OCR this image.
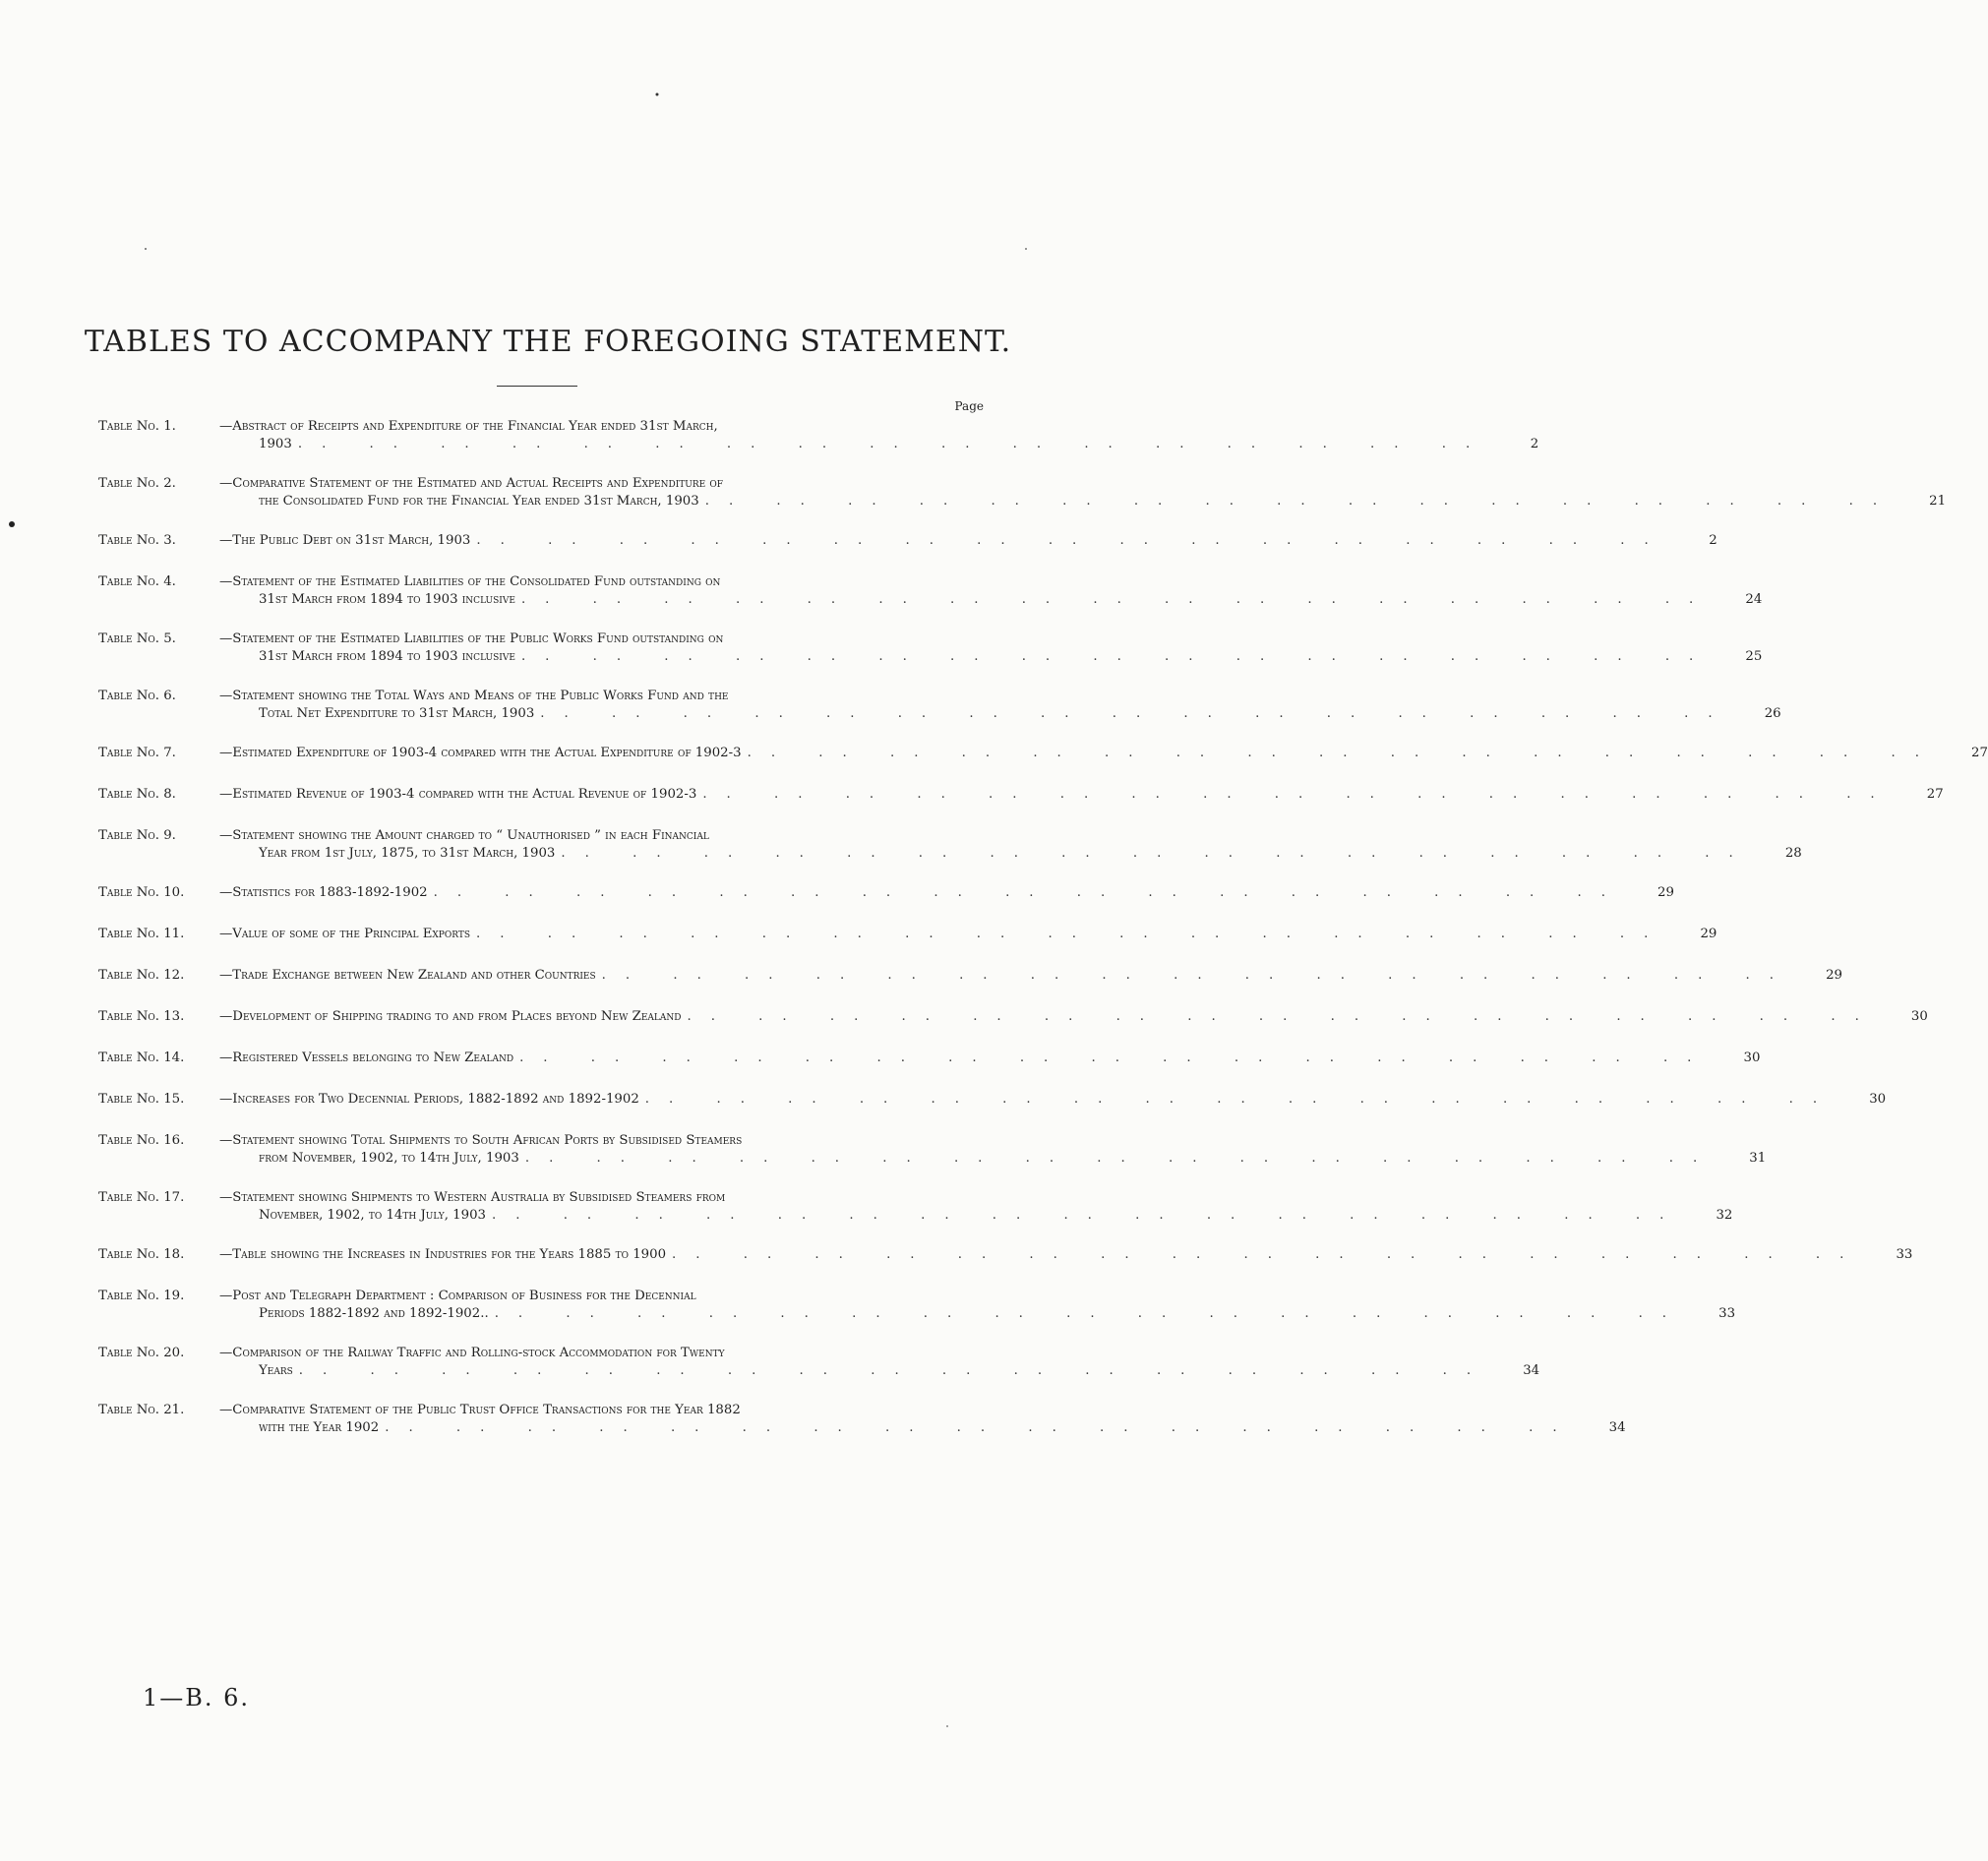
TABLES TO ACCOMPANY THE FOREGOING STATEMENT.
Page
Table No. 1.	—Abstract of Receipts and Expenditure of the Financial Year ended 31st March,
1903 .. .. .. .. .. .. .. .. .. .. .. .. .. .. .. .. ..	2
Table No. 2.	—Comparative Statement of the Estimated and Actual Receipts and Expenditure of
the Consolidated Fund for the Financial Year ended 31st March, 1903 .. .. .. .. .. .. .. .. .. .. .. .. .. .. .. .. ..	21
Table No. 3.	—The Public Debt on 31st March, 1903 .. .. .. .. .. .. .. .. .. .. .. .. .. .. .. .. ..	2
Table No. 4.	—Statement of the Estimated Liabilities of the Consolidated Fund outstanding on
31st March from 1894 to 1903 inclusive .. .. .. .. .. .. .. .. .. .. .. .. .. .. .. .. ..	24
Table No. 5.	—Statement of the Estimated Liabilities of the Public Works Fund outstanding on
31st March from 1894 to 1903 inclusive .. .. .. .. .. .. .. .. .. .. .. .. .. .. .. .. ..	25
Table No. 6.	—Statement showing the Total Ways and Means of the Public Works Fund and the
Total Net Expenditure to 31st March, 1903 .. .. .. .. .. .. .. .. .. .. .. .. .. .. .. .. ..	26
Table No. 7.	—Estimated Expenditure of 1903-4 compared with the Actual Expenditure of 1902-3 .. .. .. .. .. .. .. .. .. .. .. .. .. .. .. .. ..	27
Table No. 8.	—Estimated Revenue of 1903-4 compared with the Actual Revenue of 1902-3 .. .. .. .. .. .. .. .. .. .. .. .. .. .. .. .. ..	27
Table No. 9.	—Statement showing the Amount charged to “ Unauthorised ” in each Financial
Year from 1st July, 1875, to 31st March, 1903 .. .. .. .. .. .. .. .. .. .. .. .. .. .. .. .. ..	28
Table No. 10.	—Statistics for 1883-1892-1902 .. .. .. .. .. .. .. .. .. .. .. .. .. .. .. .. ..	29
Table No. 11.	—Value of some of the Principal Exports .. .. .. .. .. .. .. .. .. .. .. .. .. .. .. .. ..	29
Table No. 12.	—Trade Exchange between New Zealand and other Countries .. .. .. .. .. .. .. .. .. .. .. .. .. .. .. .. ..	29
Table No. 13.	—Development of Shipping trading to and from Places beyond New Zealand .. .. .. .. .. .. .. .. .. .. .. .. .. .. .. .. ..	30
Table No. 14.	—Registered Vessels belonging to New Zealand .. .. .. .. .. .. .. .. .. .. .. .. .. .. .. .. ..	30
Table No. 15.	—Increases for Two Decennial Periods, 1882-1892 and 1892-1902 .. .. .. .. .. .. .. .. .. .. .. .. .. .. .. .. ..	30
Table No. 16.	—Statement showing Total Shipments to South African Ports by Subsidised Steamers
from November, 1902, to 14th July, 1903 .. .. .. .. .. .. .. .. .. .. .. .. .. .. .. .. ..	31
Table No. 17.	—Statement showing Shipments to Western Australia by Subsidised Steamers from
November, 1902, to 14th July, 1903 .. .. .. .. .. .. .. .. .. .. .. .. .. .. .. .. ..	32
Table No. 18.	—Table showing the Increases in Industries for the Years 1885 to 1900 .. .. .. .. .. .. .. .. .. .. .. .. .. .. .. .. ..	33
Table No. 19.	—Post and Telegraph Department : Comparison of Business for the Decennial
Periods 1882-1892 and 1892-1902.. .. .. .. .. .. .. .. .. .. .. .. .. .. .. .. .. ..	33
Table No. 20.	—Comparison of the Railway Traffic and Rolling-stock Accommodation for Twenty
Years .. .. .. .. .. .. .. .. .. .. .. .. .. .. .. .. ..	34
Table No. 21.	—Comparative Statement of the Public Trust Office Transactions for the Year 1882
with the Year 1902 .. .. .. .. .. .. .. .. .. .. .. .. .. .. .. .. ..	34
1—B. 6.
